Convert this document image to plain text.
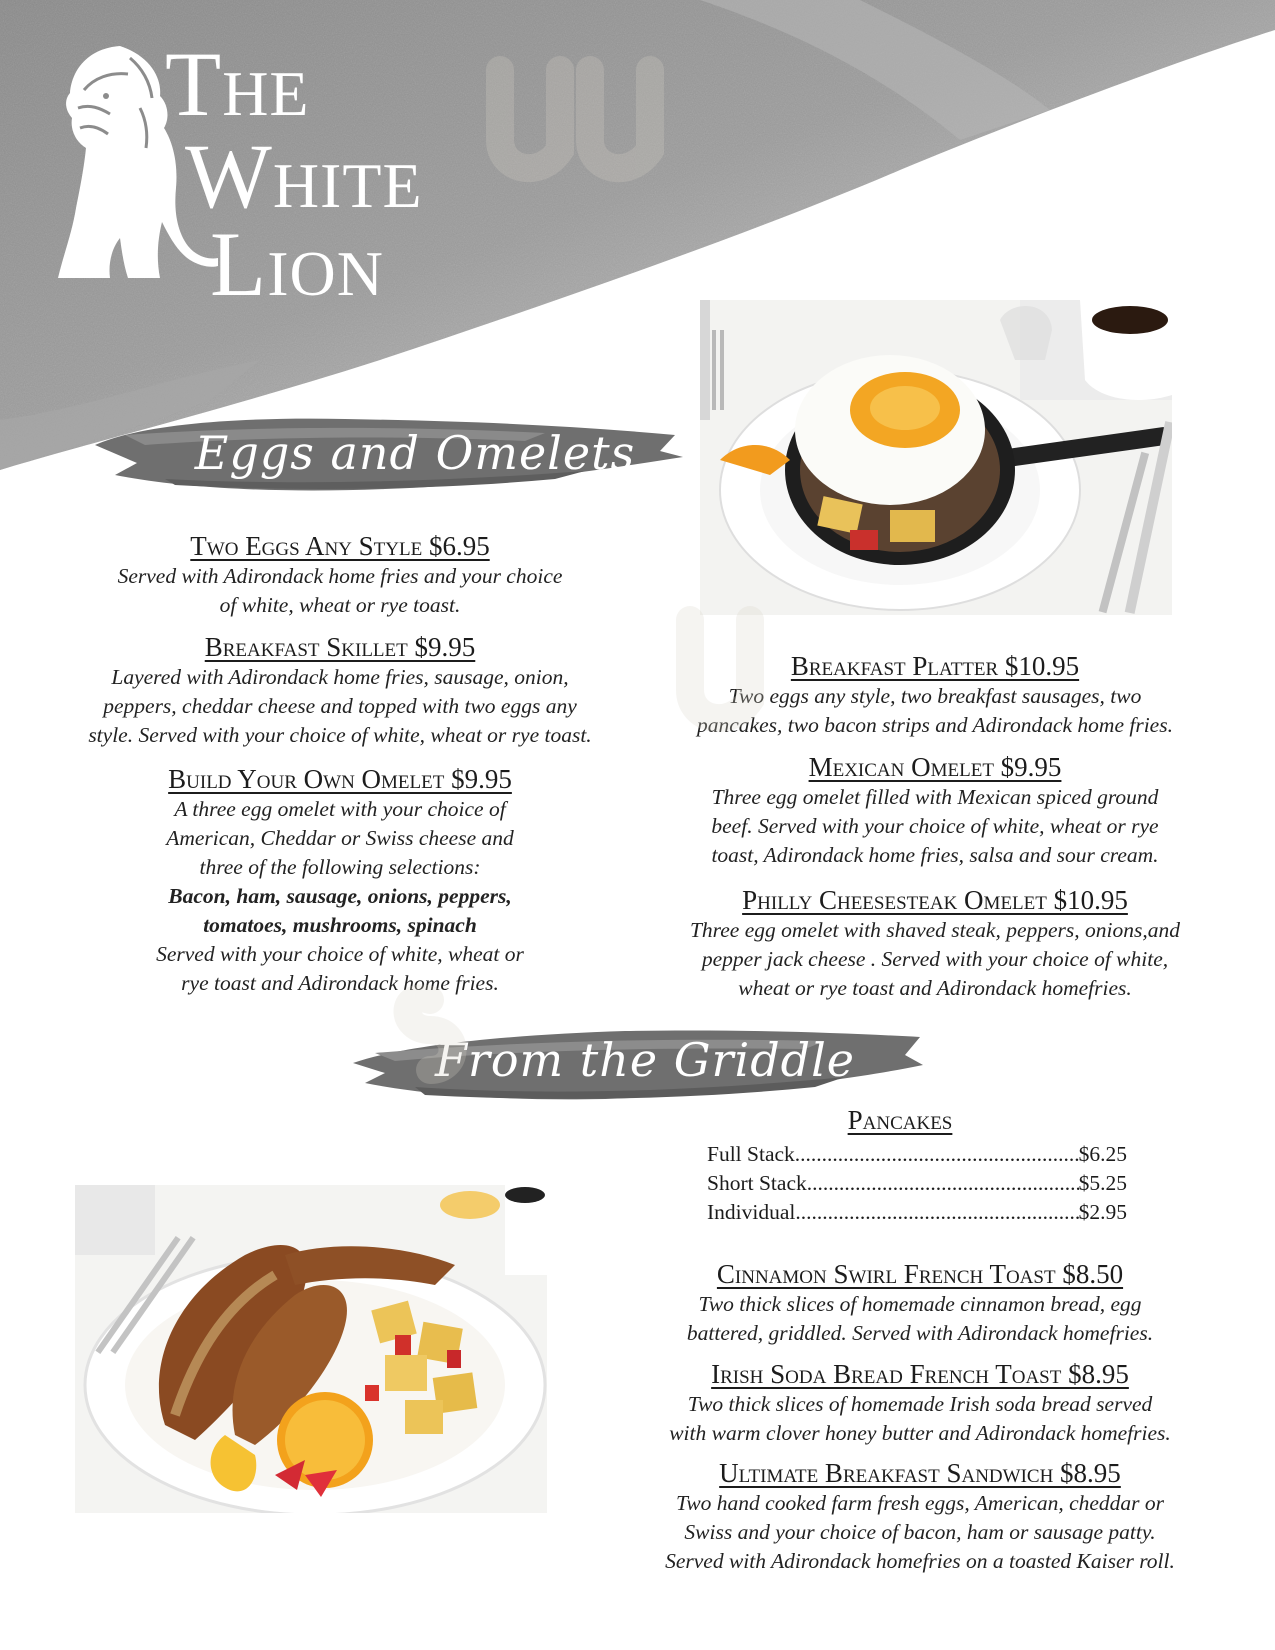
The
White
Lion
Eggs and Omelets
Two Eggs Any Style $6.95
Served with Adirondack home fries and your choice
of white, wheat or rye toast.
Breakfast Skillet $9.95
Layered with Adirondack home fries, sausage, onion,
peppers, cheddar cheese and topped with two eggs any
style. Served with your choice of white, wheat or rye toast.
Build Your Own Omelet $9.95
A three egg omelet with your choice of
American, Cheddar or Swiss cheese and
three of the following selections:
Bacon, ham, sausage, onions, peppers,
tomatoes, mushrooms, spinach
Served with your choice of white, wheat or
rye toast and Adirondack home fries.
Breakfast Platter $10.95
Two eggs any style, two breakfast sausages, two
pancakes, two bacon strips and Adirondack home fries.
Mexican Omelet $9.95
Three egg omelet filled with Mexican spiced ground
beef. Served with your choice of white, wheat or rye
toast, Adirondack home fries, salsa and sour cream.
Philly Cheesesteak Omelet $10.95
Three egg omelet with shaved steak, peppers, onions,and
pepper jack cheese . Served with your choice of white,
wheat or rye toast and Adirondack homefries.
From the Griddle
Pancakes
Full Stack .....	$6.25
Short Stack .....	$5.25
Individual .....	$2.95
Cinnamon Swirl French Toast $8.50
Two thick slices of homemade cinnamon bread, egg
battered, griddled. Served with Adirondack homefries.
Irish Soda Bread French Toast $8.95
Two thick slices of homemade Irish soda bread served
with warm clover honey butter and Adirondack homefries.
Ultimate Breakfast Sandwich $8.95
Two hand cooked farm fresh eggs, American, cheddar or
Swiss and your choice of bacon, ham or sausage patty.
Served with Adirondack homefries on a toasted Kaiser roll.
